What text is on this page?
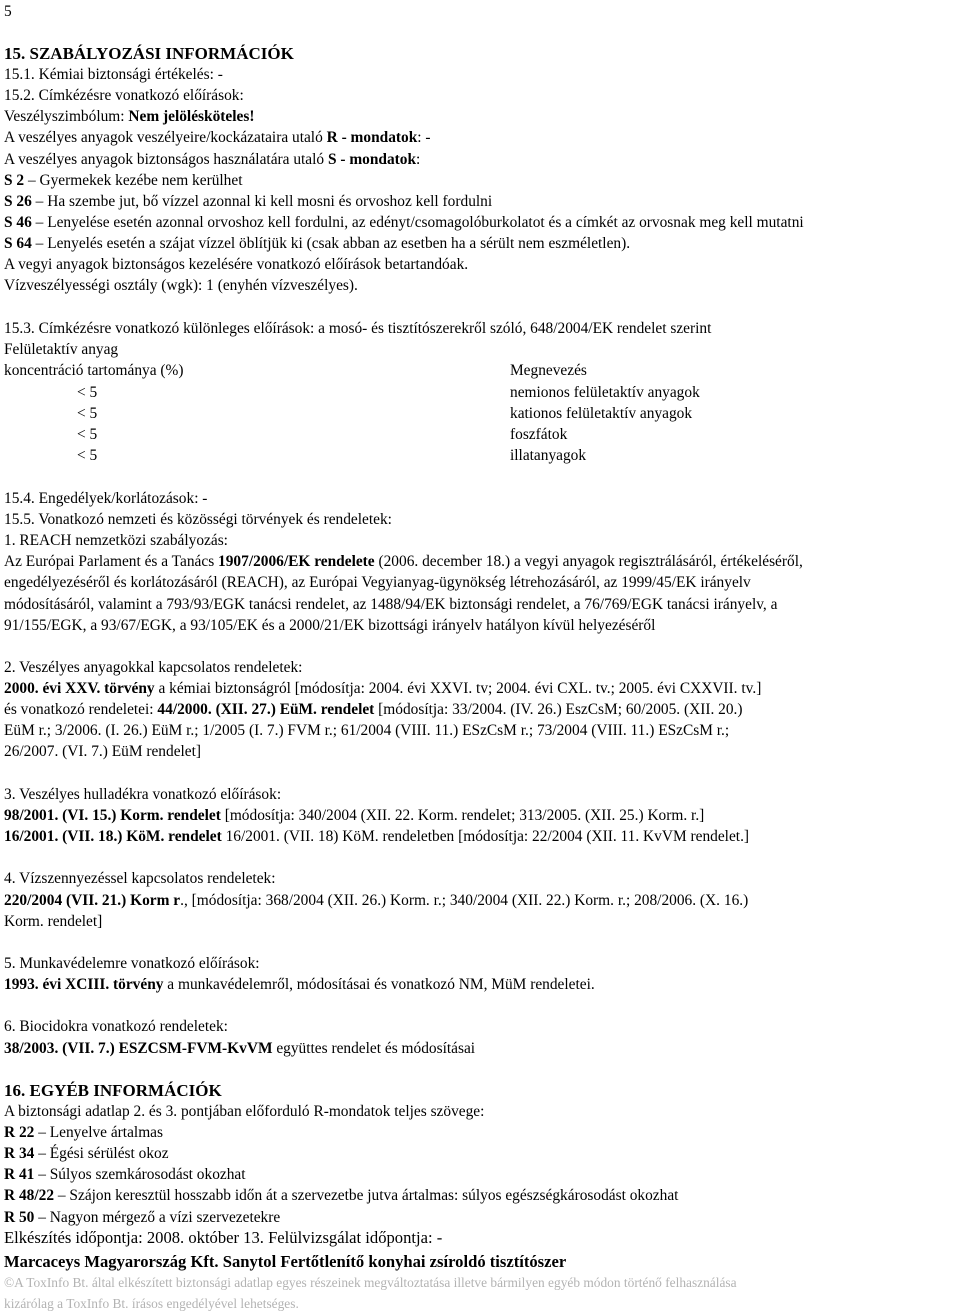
5
15. SZABÁLYOZÁSI INFORMÁCIÓK
15.1. Kémiai biztonsági értékelés: -
15.2. Címkézésre vonatkozó előírások:
Veszélyszimbólum: Nem jelölésköteles!
A veszélyes anyagok veszélyeire/kockázataira utaló R - mondatok: -
A veszélyes anyagok biztonságos használatára utaló S - mondatok:
S 2 – Gyermekek kezébe nem kerülhet
S 26 – Ha szembe jut, bő vízzel azonnal ki kell mosni és orvoshoz kell fordulni
S 46 – Lenyelése esetén azonnal orvoshoz kell fordulni, az edényt/csomagolóburkolatot és a címkét az orvosnak meg kell mutatni
S 64 – Lenyelés esetén a szájat vízzel öblítjük ki (csak abban az esetben ha a sérült nem eszméletlen).
A vegyi anyagok biztonságos kezelésére vonatkozó előírások betartandóak.
Vízveszélyességi osztály (wgk): 1 (enyhén vízveszélyes).
15.3. Címkézésre vonatkozó különleges előírások: a mosó- és tisztítószerekről szóló, 648/2004/EK rendelet szerint
Felületaktív anyag
koncentráció tartománya (%)	Megnevezés
< 5	nemionos felületaktív anyagok
< 5	kationos felületaktív anyagok
< 5	foszfátok
< 5	illatanyagok
15.4. Engedélyek/korlátozások: -
15.5. Vonatkozó nemzeti és közösségi törvények és rendeletek:
1. REACH nemzetközi szabályozás:
Az Európai Parlament és a Tanács 1907/2006/EK rendelete (2006. december 18.) a vegyi anyagok regisztrálásáról, értékeléséről,
engedélyezéséről és korlátozásáról (REACH), az Európai Vegyianyag-ügynökség létrehozásáról, az 1999/45/EK irányelv
módosításáról, valamint a 793/93/EGK tanácsi rendelet, az 1488/94/EK biztonsági rendelet, a 76/769/EGK tanácsi irányelv, a
91/155/EGK, a 93/67/EGK, a 93/105/EK és a 2000/21/EK bizottsági irányelv hatályon kívül helyezéséről
2. Veszélyes anyagokkal kapcsolatos rendeletek:
2000. évi XXV. törvény a kémiai biztonságról [módosítja: 2004. évi XXVI. tv; 2004. évi CXL. tv.; 2005. évi CXXVII. tv.]
és vonatkozó rendeletei: 44/2000. (XII. 27.) EüM. rendelet [módosítja: 33/2004. (IV. 26.) EszCsM; 60/2005. (XII. 20.)
EüM r.; 3/2006. (I. 26.) EüM r.; 1/2005 (I. 7.) FVM r.; 61/2004 (VIII. 11.) ESzCsM r.; 73/2004 (VIII. 11.) ESzCsM r.;
26/2007. (VI. 7.) EüM rendelet]
3. Veszélyes hulladékra vonatkozó előírások:
98/2001. (VI. 15.) Korm. rendelet [módosítja: 340/2004 (XII. 22. Korm. rendelet; 313/2005. (XII. 25.) Korm. r.]
16/2001. (VII. 18.) KöM. rendelet 16/2001. (VII. 18) KöM. rendeletben [módosítja: 22/2004 (XII. 11. KvVM rendelet.]
4. Vízszennyezéssel kapcsolatos rendeletek:
220/2004 (VII. 21.) Korm r., [módosítja: 368/2004 (XII. 26.) Korm. r.; 340/2004 (XII. 22.) Korm. r.; 208/2006. (X. 16.)
Korm. rendelet]
5. Munkavédelemre vonatkozó előírások:
1993. évi XCIII. törvény a munkavédelemről, módosításai és vonatkozó NM, MüM rendeletei.
6. Biocidokra vonatkozó rendeletek:
38/2003. (VII. 7.) ESZCSM-FVM-KvVM együttes rendelet és módosításai
16. EGYÉB INFORMÁCIÓK
A biztonsági adatlap 2. és 3. pontjában előforduló R-mondatok teljes szövege:
R 22 – Lenyelve ártalmas
R 34 – Égési sérülést okoz
R 41 – Súlyos szemkárosodást okozhat
R 48/22 – Szájon keresztül hosszabb időn át a szervezetbe jutva ártalmas: súlyos egészségkárosodást okozhat
R 50 – Nagyon mérgező a vízi szervezetekre
Elkészítés időpontja: 2008. október 13. Felülvizsgálat időpontja: -
Marcaceys Magyarország Kft. Sanytol Fertőtlenítő konyhai zsíroldó tisztítószer
©A ToxInfo Bt. által elkészített biztonsági adatlap egyes részeinek megváltoztatása illetve bármilyen egyéb módon történő felhasználása
kizárólag a ToxInfo Bt. írásos engedélyével lehetséges.
